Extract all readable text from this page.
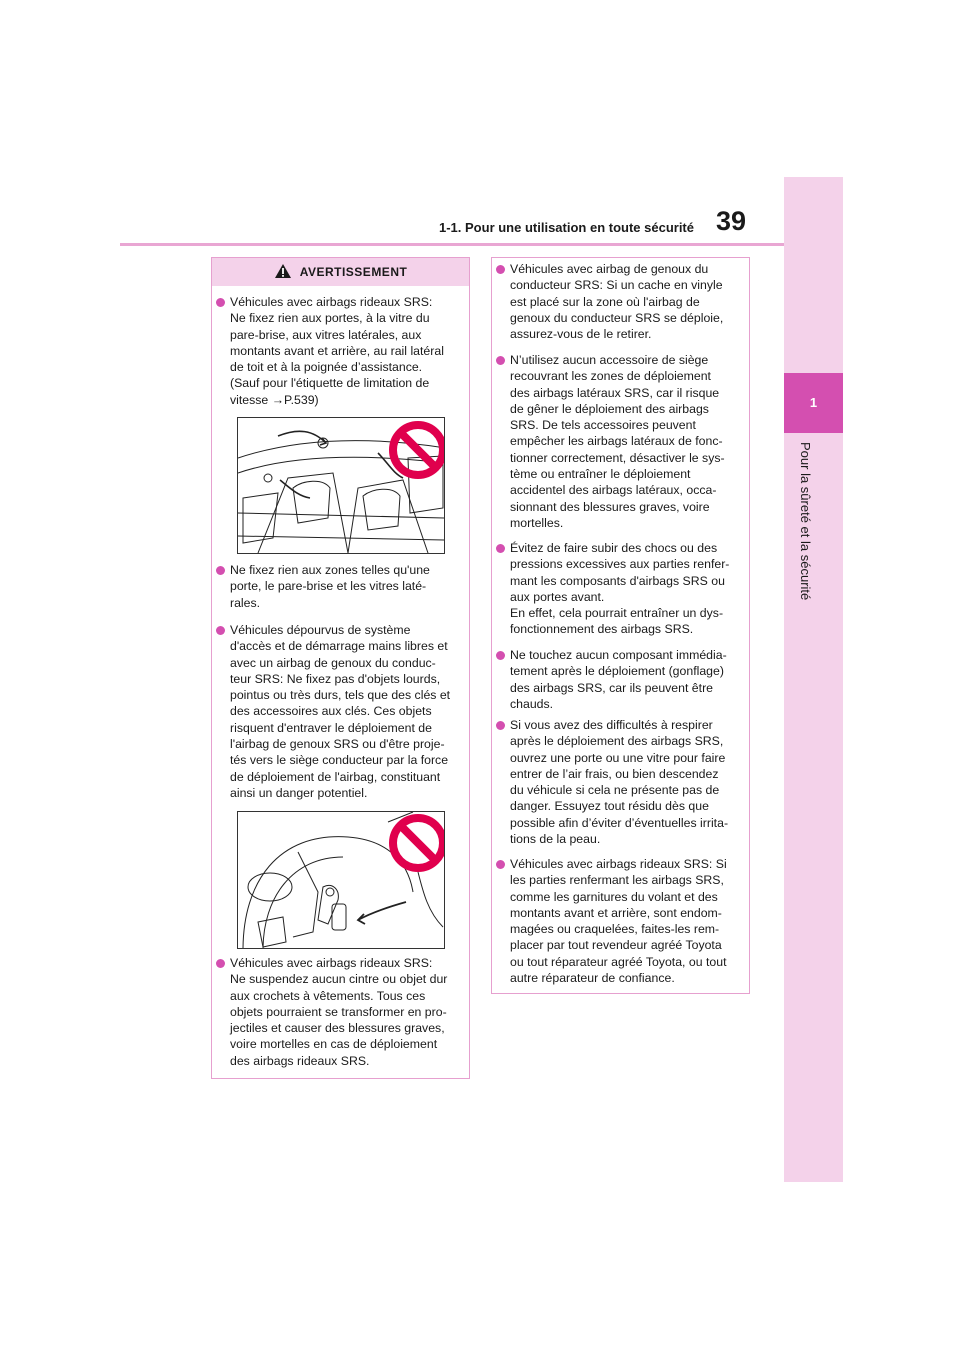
39
1-1. Pour une utilisation en toute sécurité
1
Pour la sûreté et la sécurité
AVERTISSEMENT
Véhicules avec airbags rideaux SRS:
Ne fixez rien aux portes, à la vitre du
pare-brise, aux vitres latérales, aux
montants avant et arrière, au rail latéral
de toit et à la poignée d’assistance.
(Sauf pour l'étiquette de limitation de
vitesse →P.539)
Ne fixez rien aux zones telles qu'une
porte, le pare-brise et les vitres laté-
rales.
Véhicules dépourvus de système
d'accès et de démarrage mains libres et
avec un airbag de genoux du conduc-
teur SRS: Ne fixez pas d'objets lourds,
pointus ou très durs, tels que des clés et
des accessoires aux clés. Ces objets
risquent d'entraver le déploiement de
l'airbag de genoux SRS ou d'être proje-
tés vers le siège conducteur par la force
de déploiement de l'airbag, constituant
ainsi un danger potentiel.
Véhicules avec airbags rideaux SRS:
Ne suspendez aucun cintre ou objet dur
aux crochets à vêtements. Tous ces
objets pourraient se transformer en pro-
jectiles et causer des blessures graves,
voire mortelles en cas de déploiement
des airbags rideaux SRS.
Véhicules avec airbag de genoux du
conducteur SRS: Si un cache en vinyle
est placé sur la zone où l'airbag de
genoux du conducteur SRS se déploie,
assurez-vous de le retirer.
N’utilisez aucun accessoire de siège
recouvrant les zones de déploiement
des airbags latéraux SRS, car il risque
de gêner le déploiement des airbags
SRS. De tels accessoires peuvent
empêcher les airbags latéraux de fonc-
tionner correctement, désactiver le sys-
tème ou entraîner le déploiement
accidentel des airbags latéraux, occa-
sionnant des blessures graves, voire
mortelles.
Évitez de faire subir des chocs ou des
pressions excessives aux parties renfer-
mant les composants d'airbags SRS ou
aux portes avant.
En effet, cela pourrait entraîner un dys-
fonctionnement des airbags SRS.
Ne touchez aucun composant immédia-
tement après le déploiement (gonflage)
des airbags SRS, car ils peuvent être
chauds.
Si vous avez des difficultés à respirer
après le déploiement des airbags SRS,
ouvrez une porte ou une vitre pour faire
entrer de l’air frais, ou bien descendez
du véhicule si cela ne présente pas de
danger. Essuyez tout résidu dès que
possible afin d’éviter d’éventuelles irrita-
tions de la peau.
Véhicules avec airbags rideaux SRS: Si
les parties renfermant les airbags SRS,
comme les garnitures du volant et des
montants avant et arrière, sont endom-
magées ou craquelées, faites-les rem-
placer par tout revendeur agréé Toyota
ou tout réparateur agréé Toyota, ou tout
autre réparateur de confiance.
